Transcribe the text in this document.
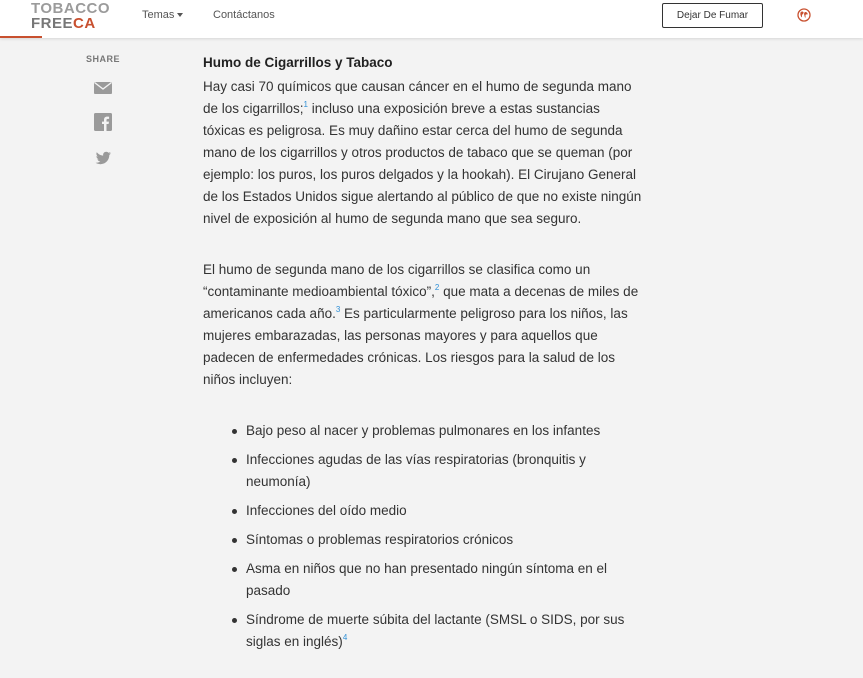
TOBACCO
FREECA	Temas	Contáctanos	Dejar De Fumar
SHARE	Humo de Cigarrillos y Tabaco

Hay casi 70 químicos que causan cáncer en el humo de segunda mano de los cigarrillos;$^1$ incluso una exposición breve a estas sustancias tóxicas es peligrosa. Es muy dañino estar cerca del humo de segunda mano de los cigarrillos y otros productos de tabaco que se queman (por ejemplo: los puros, los puros delgados y la hookah). El Cirujano General de los Estados Unidos sigue alertando al público de que no existe ningún nivel de exposición al humo de segunda mano que sea seguro.

El humo de segunda mano de los cigarrillos se clasifica como un “contaminante medioambiental tóxico”,$^2$ que mata a decenas de miles de americanos cada año.$^3$ Es particularmente peligroso para los niños, las mujeres embarazadas, las personas mayores y para aquellos que padecen de enfermedades crónicas. Los riesgos para la salud de los niños incluyen:

Bajo peso al nacer y problemas pulmonares en los infantes
Infecciones agudas de las vías respiratorias (bronquitis y neumonía)
Infecciones del oído medio
Síntomas o problemas respiratorios crónicos
Asma en niños que no han presentado ningún síntoma en el pasado
Síndrome de muerte súbita del lactante (SMSL o SIDS, por sus siglas en inglés)$^4$
